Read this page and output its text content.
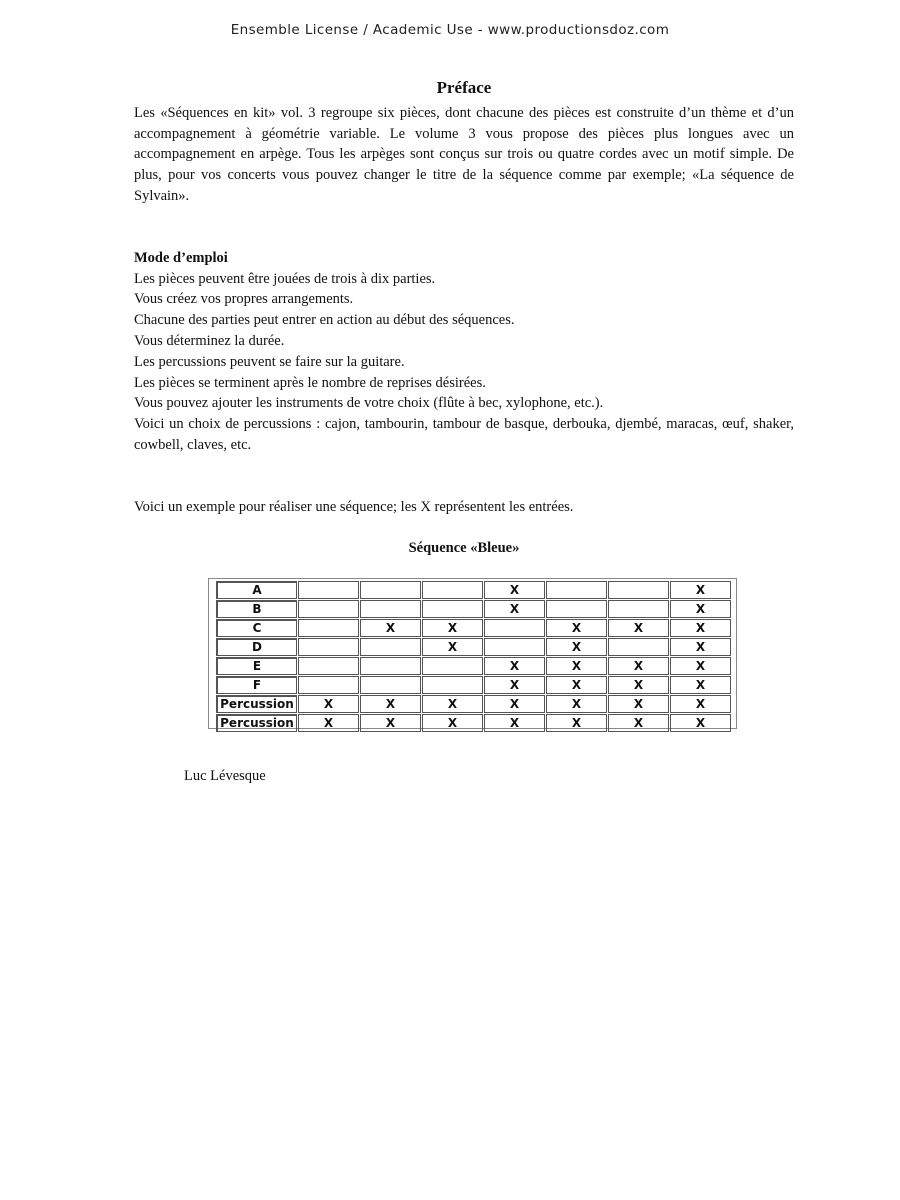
Ensemble License / Academic Use - www.productionsdoz.com
Préface

Les «Séquences en kit» vol. 3 regroupe six pièces, dont chacune des pièces est construite d’un thème et d’un accompagnement à géométrie variable. Le volume 3 vous propose des pièces plus longues avec un accompagnement en arpège. Tous les arpèges sont conçus sur trois ou quatre cordes avec un motif simple. De plus, pour vos concerts vous pouvez changer le titre de la séquence comme par exemple; «La séquence de Sylvain».

Mode d’emploi

Les pièces peuvent être jouées de trois à dix parties.

Vous créez vos propres arrangements.

Chacune des parties peut entrer en action au début des séquences.

Vous déterminez la durée.

Les percussions peuvent se faire sur la guitare.

Les pièces se terminent après le nombre de reprises désirées.

Vous pouvez ajouter les instruments de votre choix (flûte à bec, xylophone, etc.).

Voici un choix de percussions : cajon, tambourin, tambour de basque, derbouka, djembé, maracas, œuf, shaker, cowbell, claves, etc.

Voici un exemple pour réaliser une séquence; les X représentent les entrées.

Séquence «Bleue»
A				X			X
B				X			X
C		X	X		X	X	X
D			X		X		X
E				X	X	X	X
F				X	X	X	X
Percussion	X	X	X	X	X	X	X
Percussion	X	X	X	X	X	X	X
Luc Lévesque
